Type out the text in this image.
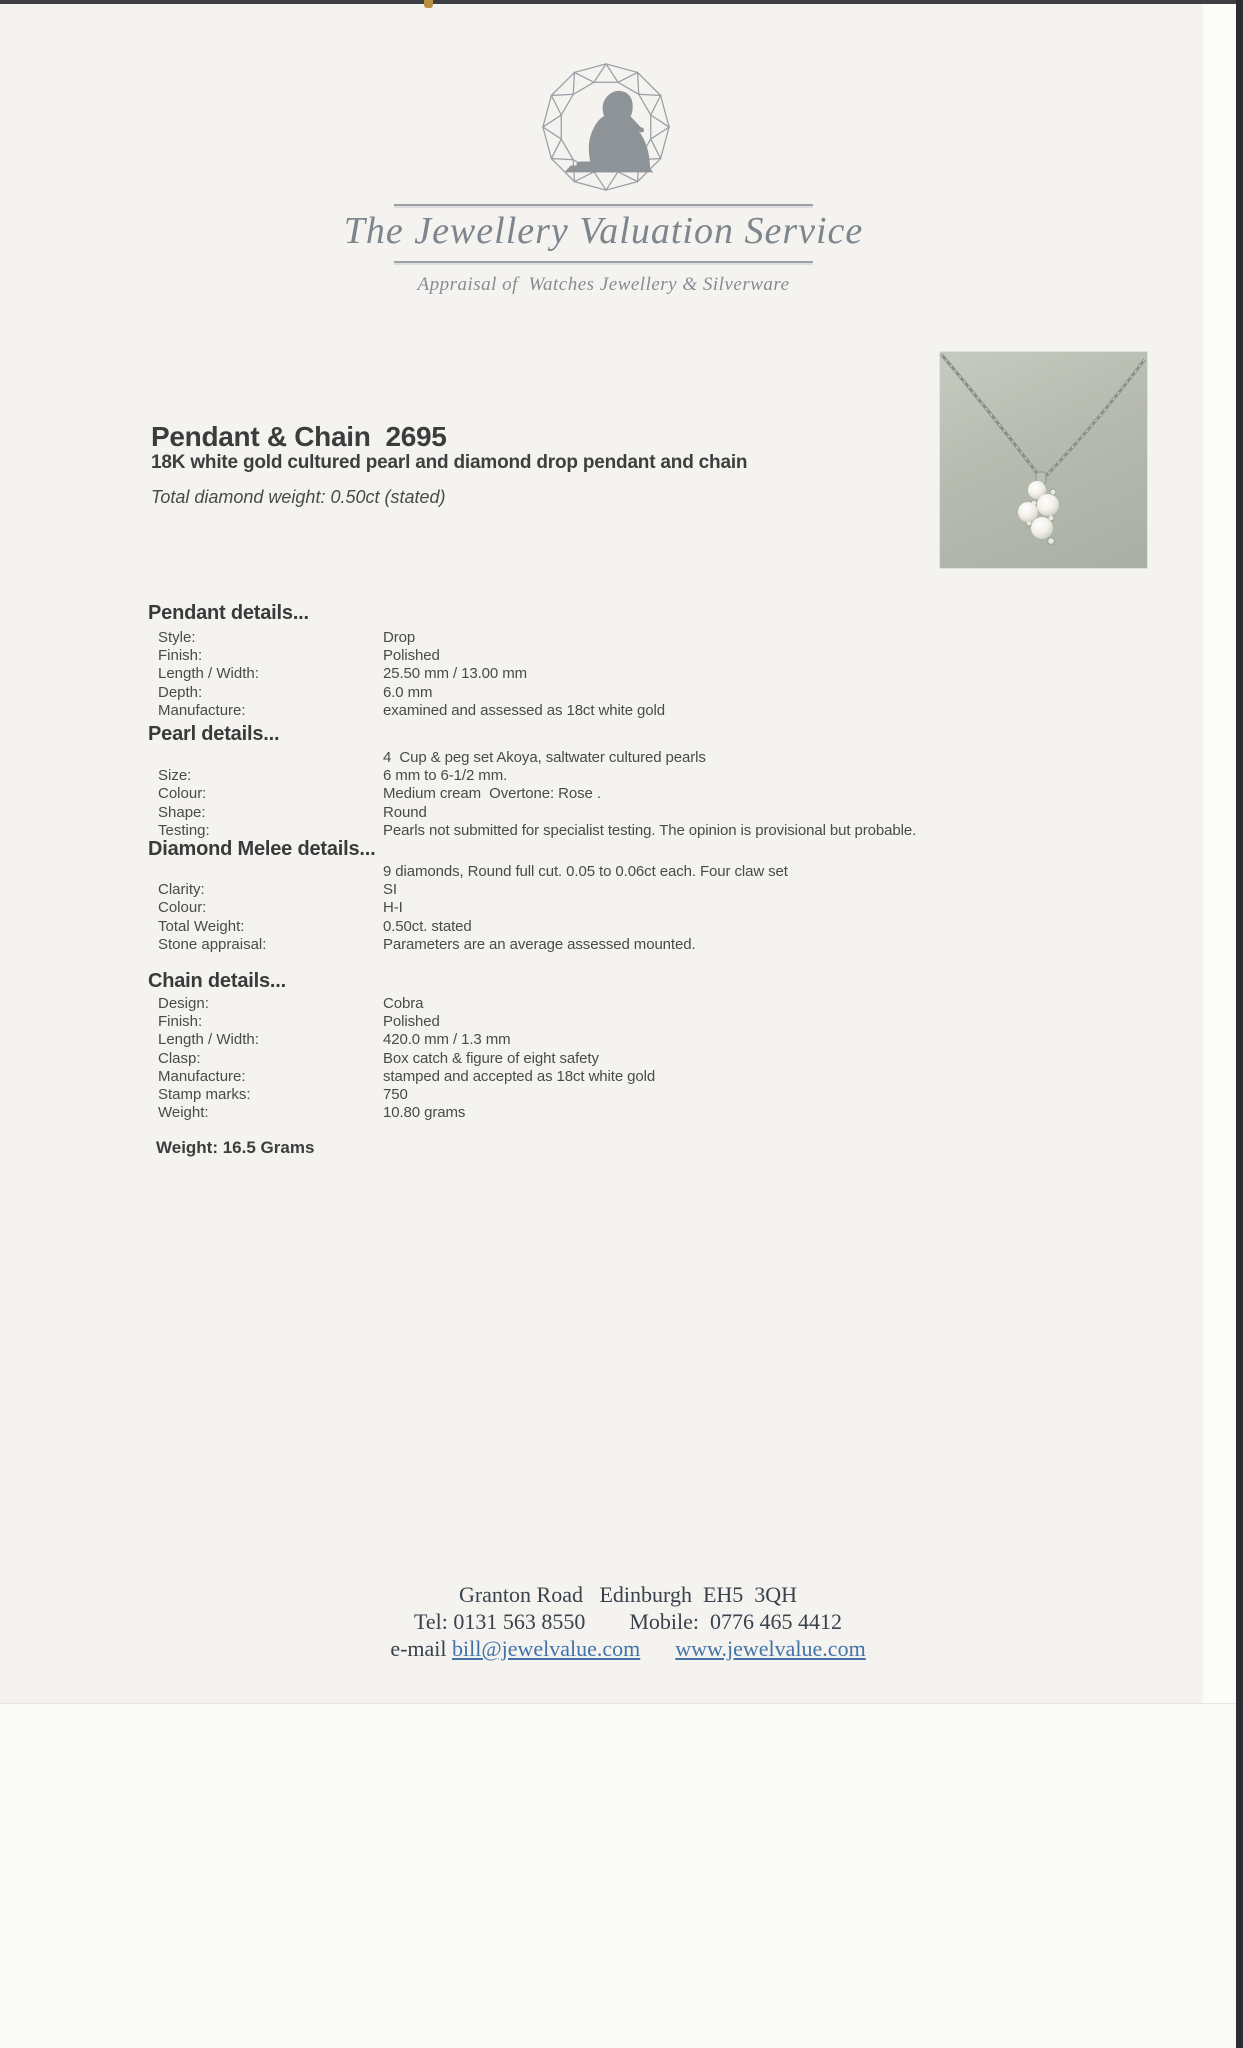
The Jewellery Valuation Service
Appraisal of  Watches Jewellery & Silverware
Pendant & Chain  2695
18K white gold cultured pearl and diamond drop pendant and chain
Total diamond weight: 0.50ct (stated)
Pendant details...
Style:	Drop
Finish:	Polished
Length / Width:	25.50 mm / 13.00 mm
Depth:	6.0 mm
Manufacture:	examined and assessed as 18ct white gold
Pearl details...
4  Cup & peg set Akoya, saltwater cultured pearls
Size:	6 mm to 6-1/2 mm.
Colour:	Medium cream  Overtone: Rose .
Shape:	Round
Testing:	Pearls not submitted for specialist testing. The opinion is provisional but probable.
Diamond Melee details...
9 diamonds, Round full cut. 0.05 to 0.06ct each. Four claw set
Clarity:	SI
Colour:	H-I
Total Weight:	0.50ct. stated
Stone appraisal:	Parameters are an average assessed mounted.
Chain details...
Design:	Cobra
Finish:	Polished
Length / Width:	420.0 mm / 1.3 mm
Clasp:	Box catch & figure of eight safety
Manufacture:	stamped and accepted as 18ct white gold
Stamp marks:	750
Weight:	10.80 grams
Weight: 16.5 Grams
Granton Road   Edinburgh  EH5  3QH
Tel: 0131 563 8550        Mobile:  0776 465 4412
e-mail bill@jewelvalue.com www.jewelvalue.com
